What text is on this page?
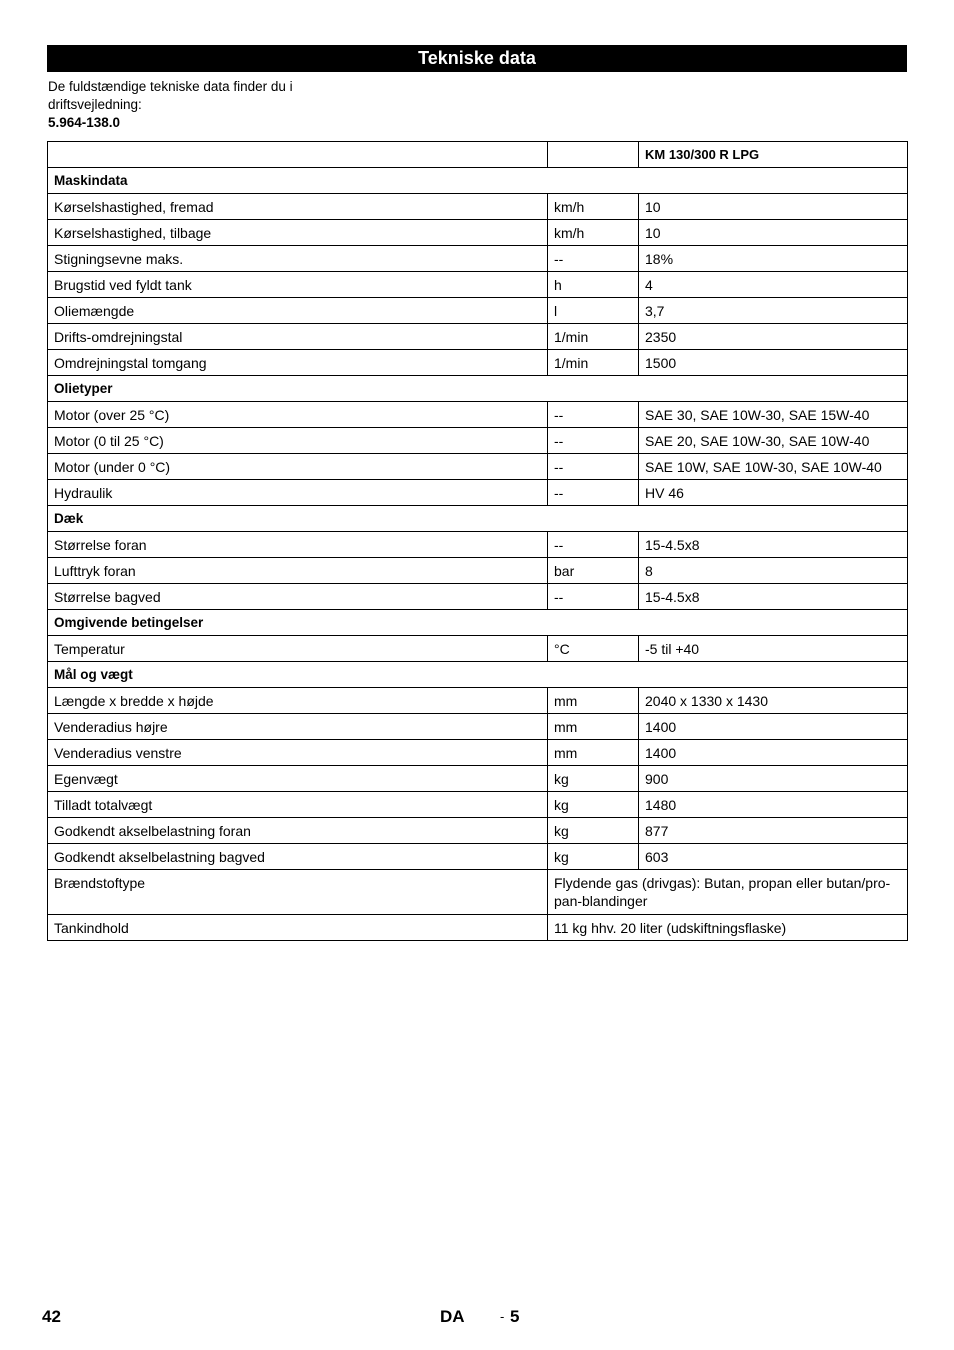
Tekniske data
De fuldstændige tekniske data finder du i
driftsvejledning:
5.964-138.0
		KM 130/300 R LPG
Maskindata		
Kørselshastighed, fremad	km/h	10
Kørselshastighed, tilbage	km/h	10
Stigningsevne maks.	--	18%
Brugstid ved fyldt tank	h	4
Oliemængde	l	3,7
Drifts-omdrejningstal	1/min	2350
Omdrejningstal tomgang	1/min	1500
Olietyper		
Motor (over 25 °C)	--	SAE 30, SAE 10W-30, SAE 15W-40
Motor (0 til 25 °C)	--	SAE 20, SAE 10W-30, SAE 10W-40
Motor (under 0 °C)	--	SAE 10W, SAE 10W-30, SAE 10W-40
Hydraulik	--	HV 46
Dæk		
Størrelse foran	--	15-4.5x8
Lufttryk foran	bar	8
Størrelse bagved	--	15-4.5x8
Omgivende betingelser		
Temperatur	°C	-5 til +40
Mål og vægt		
Længde x bredde x højde	mm	2040 x 1330 x 1430
Venderadius højre	mm	1400
Venderadius venstre	mm	1400
Egenvægt	kg	900
Tilladt totalvægt	kg	1480
Godkendt akselbelastning foran	kg	877
Godkendt akselbelastning bagved	kg	603
Brændstoftype	Flydende gas (drivgas): Butan, propan eller butan/pro-
pan-blandinger	

Tankindhold	11 kg hhv. 20 liter (udskiftningsflaske)	
42	DA	- 5
